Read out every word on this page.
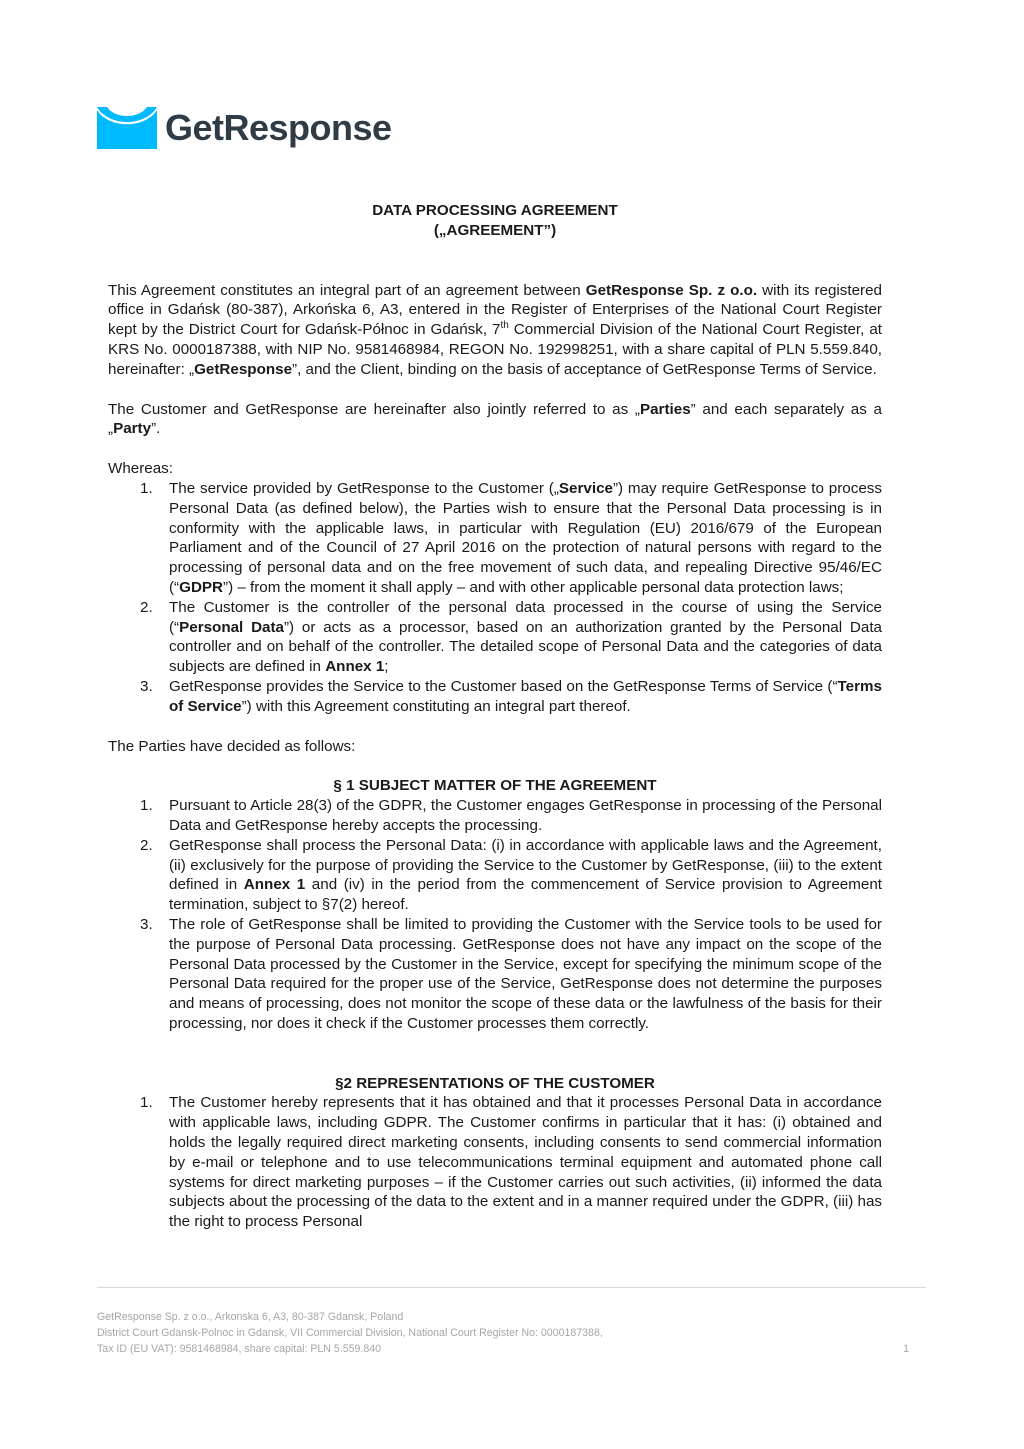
GetResponse
DATA PROCESSING AGREEMENT
(„AGREEMENT”)

This Agreement constitutes an integral part of an agreement between GetResponse Sp. z o.o. with its registered office in Gdańsk (80-387), Arkońska 6, A3, entered in the Register of Enterprises of the National Court Register kept by the District Court for Gdańsk-Północ in Gdańsk, 7th Commercial Division of the National Court Register, at KRS No. 0000187388, with NIP No. 9581468984, REGON No. 192998251, with a share capital of PLN 5.559.840, hereinafter: „GetResponse”, and the Client, binding on the basis of acceptance of GetResponse Terms of Service.

The Customer and GetResponse are hereinafter also jointly referred to as „Parties” and each separately as a „Party”.

Whereas:

1. The service provided by GetResponse to the Customer („Service”) may require GetResponse to process Personal Data (as defined below), the Parties wish to ensure that the Personal Data processing is in conformity with the applicable laws, in particular with Regulation (EU) 2016/679 of the European Parliament and of the Council of 27 April 2016 on the protection of natural persons with regard to the processing of personal data and on the free movement of such data, and repealing Directive 95/46/EC (“GDPR”) – from the moment it shall apply – and with other applicable personal data protection laws;
2. The Customer is the controller of the personal data processed in the course of using the Service (“Personal Data”) or acts as a processor, based on an authorization granted by the Personal Data controller and on behalf of the controller. The detailed scope of Personal Data and the categories of data subjects are defined in Annex 1;
3. GetResponse provides the Service to the Customer based on the GetResponse Terms of Service (“Terms of Service”) with this Agreement constituting an integral part thereof.

The Parties have decided as follows:

§ 1 SUBJECT MATTER OF THE AGREEMENT
1. Pursuant to Article 28(3) of the GDPR, the Customer engages GetResponse in processing of the Personal Data and GetResponse hereby accepts the processing.
2. GetResponse shall process the Personal Data: (i) in accordance with applicable laws and the Agreement, (ii) exclusively for the purpose of providing the Service to the Customer by GetResponse, (iii) to the extent defined in Annex 1 and (iv) in the period from the commencement of Service provision to Agreement termination, subject to §7(2) hereof.
3. The role of GetResponse shall be limited to providing the Customer with the Service tools to be used for the purpose of Personal Data processing. GetResponse does not have any impact on the scope of the Personal Data processed by the Customer in the Service, except for specifying the minimum scope of the Personal Data required for the proper use of the Service, GetResponse does not determine the purposes and means of processing, does not monitor the scope of these data or the lawfulness of the basis for their processing, nor does it check if the Customer processes them correctly.
§2 REPRESENTATIONS OF THE CUSTOMER
1. The Customer hereby represents that it has obtained and that it processes Personal Data in accordance with applicable laws, including GDPR. The Customer confirms in particular that it has: (i) obtained and holds the legally required direct marketing consents, including consents to send commercial information by e-mail or telephone and to use telecommunications terminal equipment and automated phone call systems for direct marketing purposes – if the Customer carries out such activities, (ii) informed the data subjects about the processing of the data to the extent and in a manner required under the GDPR, (iii) has the right to process Personal
GetResponse Sp. z o.o., Arkonska 6, A3, 80-387 Gdansk, Poland
District Court Gdansk-Polnoc in Gdansk, VII Commercial Division, National Court Register No: 0000187388,
Tax ID (EU VAT): 9581468984, share capital: PLN 5.559.840	1
